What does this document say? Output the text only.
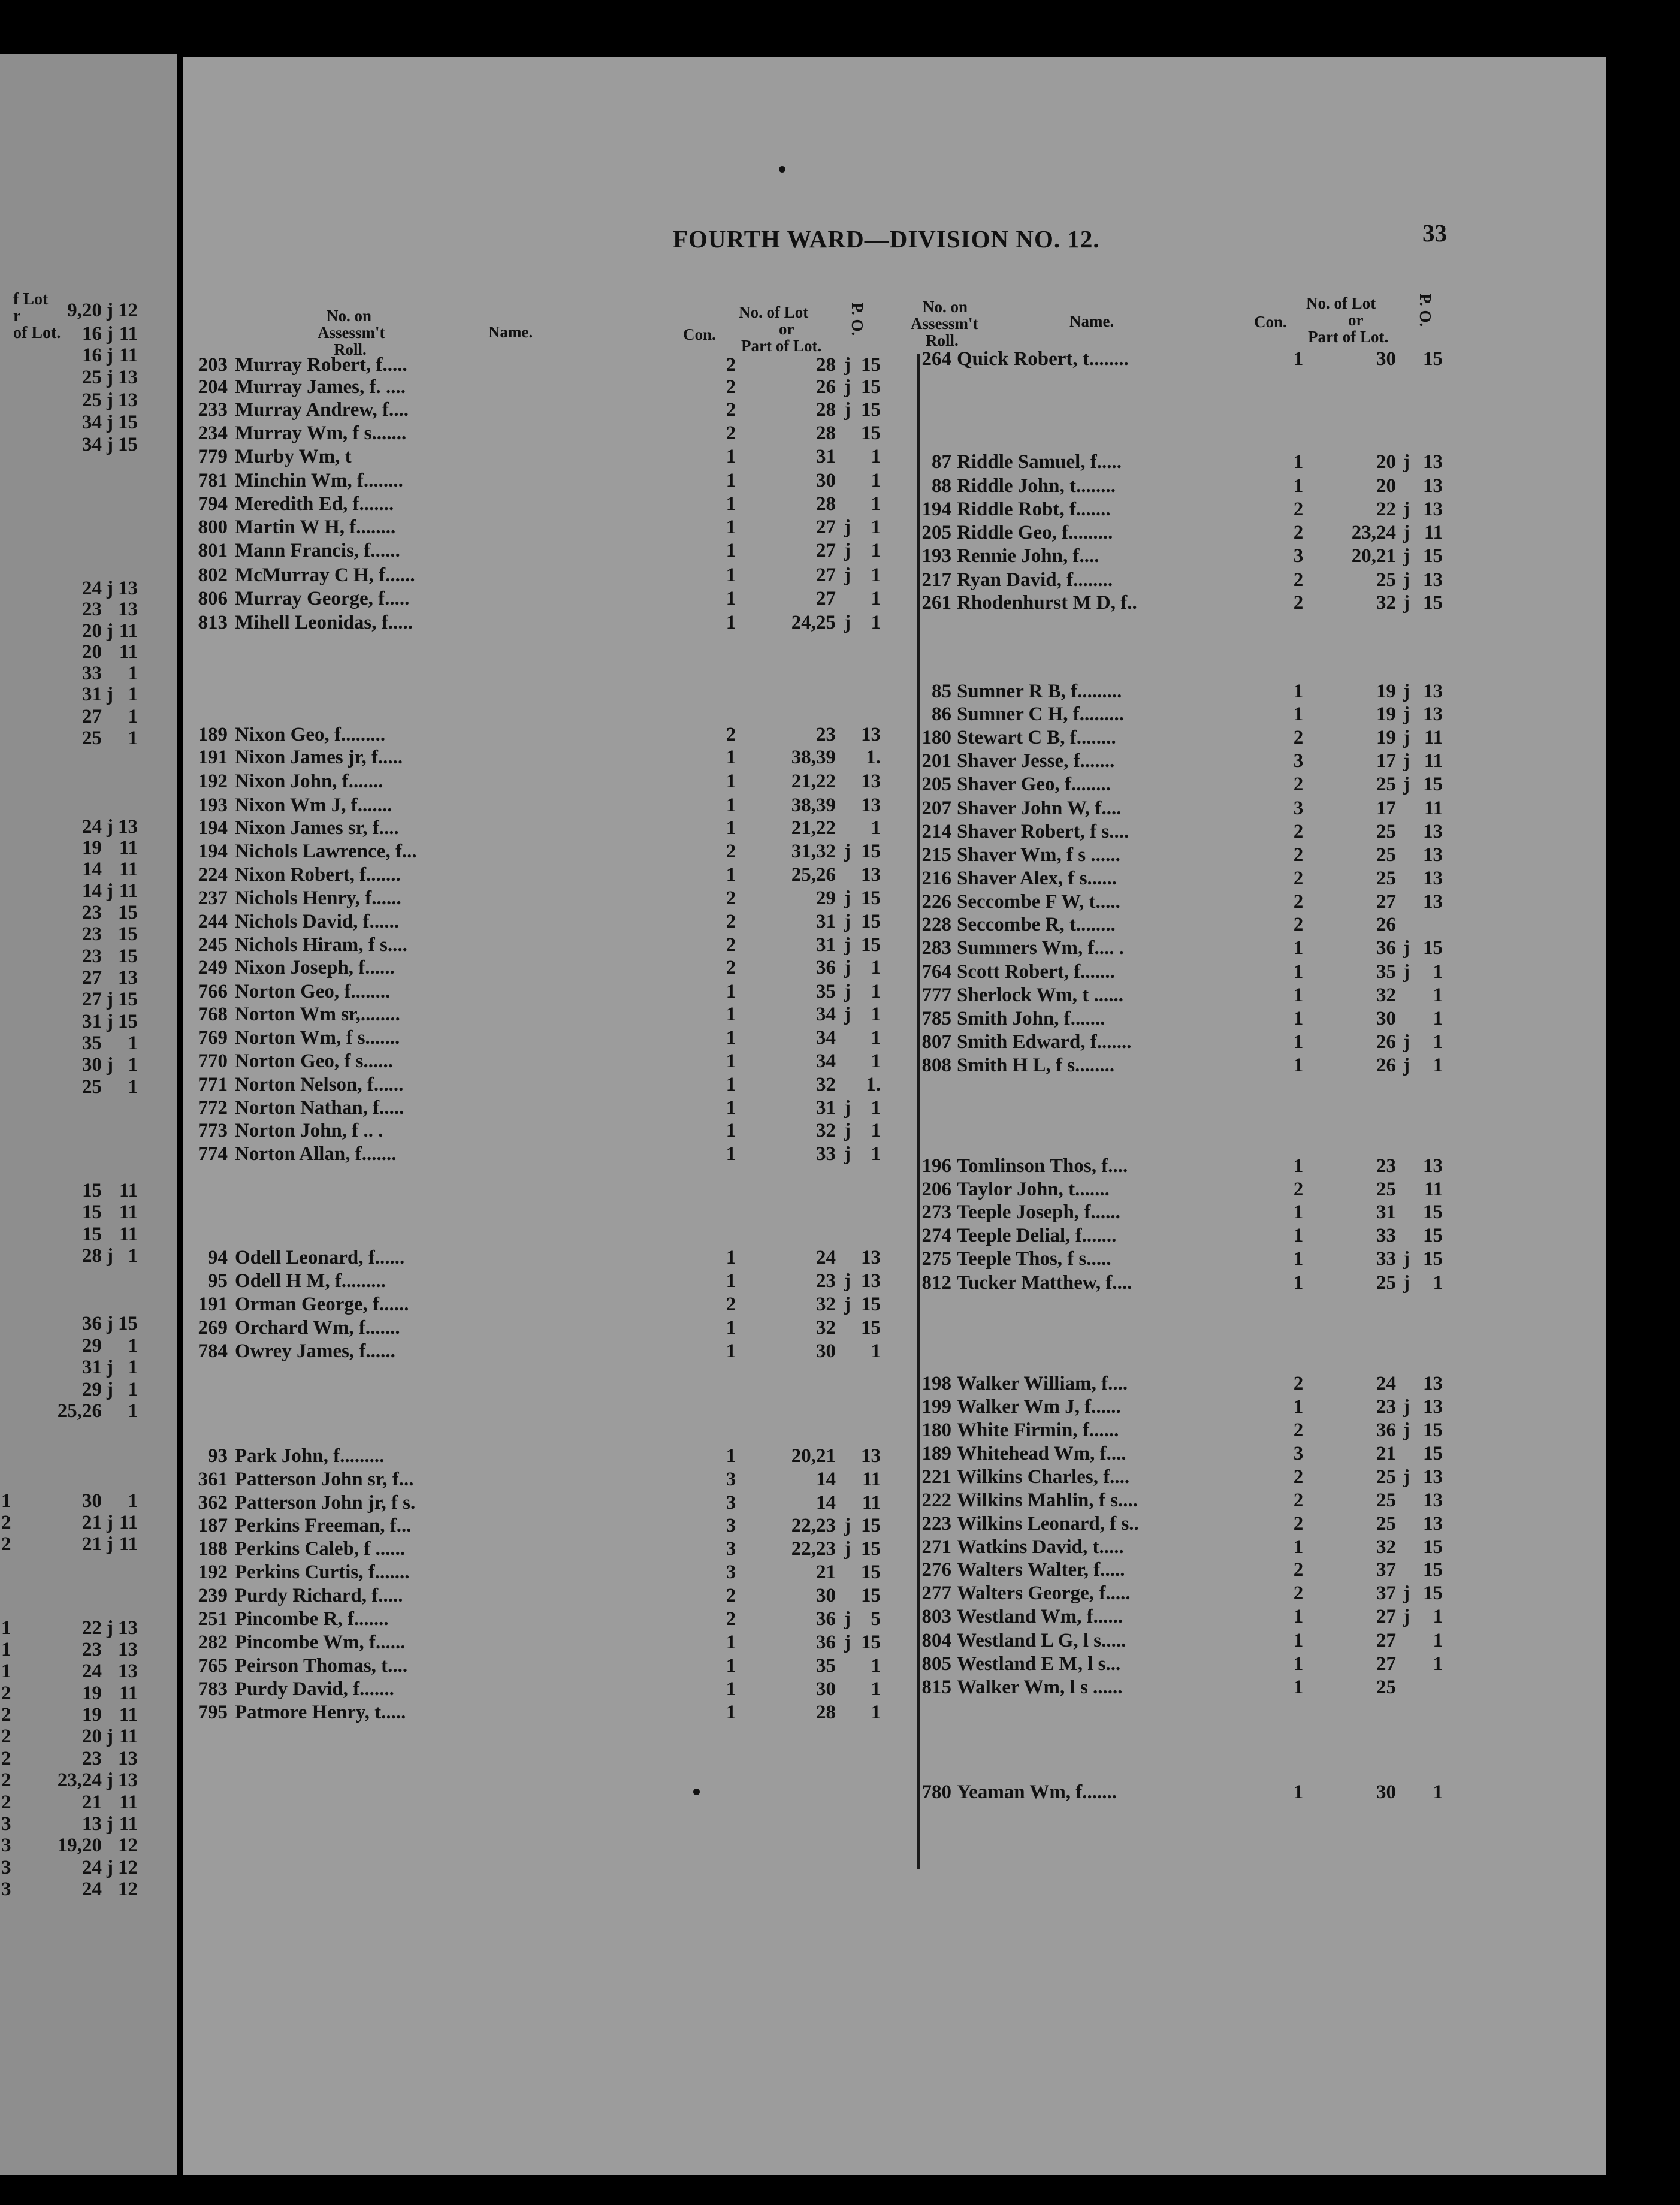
f Lot
r
of Lot.
9,20 j 12
16 j 11
16 j 11
25 j 13
25 j 13
34 j 15
34 j 15
24 j 13
23 13
20 j 11
20 11
33 1
31 j 1
27 1
25 1
24 j 13
19 11
14 11
14 j 11
23 15
23 15
23 15
27 13
27 j 15
31 j 15
35 1
30 j 1
25 1
15 11
15 11
15 11
28 j 1
36 j 15
29 1
31 j 1
29 j 1
25,26 1
1	30 1
2	21 j 11
2	21 j 11
1	22 j 13
1	23 13
1	24 13
2	19 11
2	19 11
2	20 j 11
2	23 13
2 23,24 j 13
2	21 11
3	13 j 11
3 19,20 12
3	24 j 12
3	24 12
FOURTH WARD—DIVISION NO. 12.	33
No. on
Assessm't
Roll.
Name.	Con.
No. of Lot
or
Part of Lot.
P. O.	No. on
Assessm't
Roll.
Name.	Con.
No. of Lot
or
Part of Lot.
P. O.
203 Murray Robert, f.....	2	28 j 15
204 Murray James, f. ....	2	26 j 15
233 Murray Andrew, f....	2	28 j 15
234 Murray Wm, f s.......	2	28 15
779 Murby Wm, t	1	31 1
781 Minchin Wm, f........	1	30 1
794 Meredith Ed, f.......	1	28 1
800 Martin W H, f........	1	27 j 1
801 Mann Francis, f......	1	27 j 1
802 McMurray C H, f......	1	27 j 1
806 Murray George, f.....	1	27 1
813 Mihell Leonidas, f.....	1	24,25 j 1
189 Nixon Geo, f.........	2	23 13
191 Nixon James jr, f.....	1	38,39 1.
192 Nixon John, f.......	1	21,22 13
193 Nixon Wm J, f.......	1	38,39 13
194 Nixon James sr, f....	1	21,22 1
194 Nichols Lawrence, f...	2	31,32 j 15
224 Nixon Robert, f.......	1	25,26 13
237 Nichols Henry, f......	2	29 j 15
244 Nichols David, f......	2	31 j 15
245 Nichols Hiram, f s....	2	31 j 15
249 Nixon Joseph, f......	2	36 j 1
766 Norton Geo, f........	1	35 j 1
768 Norton Wm sr,........	1	34 j 1
769 Norton Wm, f s.......	1	34 1
770 Norton Geo, f s......	1	34 1
771 Norton Nelson, f......	1	32 1.
772 Norton Nathan, f.....	1	31 j 1
773 Norton John, f .. .	1	32 j 1
774 Norton Allan, f.......	1	33 j 1
94 Odell Leonard, f......	1	24 13
95 Odell H M, f.........	1	23 j 13
191 Orman George, f......	2	32 j 15
269 Orchard Wm, f.......	1	32 15
784 Owrey James, f......	1	30 1
93 Park John, f.........	1	20,21 13
361 Patterson John sr, f...	3	14 11
362 Patterson John jr, f s.	3	14 11
187 Perkins Freeman, f...	3	22,23 j 15
188 Perkins Caleb, f ......	3	22,23 j 15
192 Perkins Curtis, f.......	3	21 15
239 Purdy Richard, f.....	2	30 15
251 Pincombe R, f.......	2	36 j 5
282 Pincombe Wm, f......	1	36 j 15
765 Peirson Thomas, t....	1	35 1
783 Purdy David, f.......	1	30 1
795 Patmore Henry, t.....	1	28 1
264 Quick Robert, t........	1	30 15
87 Riddle Samuel, f.....	1	20 j 13
88 Riddle John, t........	1	20 13
194 Riddle Robt, f.......	2	22 j 13
205 Riddle Geo, f.........	2	23,24 j 11
193 Rennie John, f....	3	20,21 j 15
217 Ryan David, f........	2	25 j 13
261 Rhodenhurst M D, f..	2	32 j 15
85 Sumner R B, f.........	1	19 j 13
86 Sumner C H, f.........	1	19 j 13
180 Stewart C B, f........	2	19 j 11
201 Shaver Jesse, f.......	3	17 j 11
205 Shaver Geo, f........	2	25 j 15
207 Shaver John W, f....	3	17 11
214 Shaver Robert, f s....	2	25 13
215 Shaver Wm, f s ......	2	25 13
216 Shaver Alex, f s......	2	25 13
226 Seccombe F W, t.....	2	27 13
228 Seccombe R, t........	2	26
283 Summers Wm, f.... .	1	36 j 15
764 Scott Robert, f.......	1	35 j 1
777 Sherlock Wm, t ......	1	32 1
785 Smith John, f.......	1	30 1
807 Smith Edward, f.......	1	26 j 1
808 Smith H L, f s........	1	26 j 1
196 Tomlinson Thos, f....	1	23 13
206 Taylor John, t.......	2	25 11
273 Teeple Joseph, f......	1	31 15
274 Teeple Delial, f.......	1	33 15
275 Teeple Thos, f s.....	1	33 j 15
812 Tucker Matthew, f....	1	25 j 1
198 Walker William, f....	2	24 13
199 Walker Wm J, f......	1	23 j 13
180 White Firmin, f......	2	36 j 15
189 Whitehead Wm, f....	3	21 15
221 Wilkins Charles, f....	2	25 j 13
222 Wilkins Mahlin, f s....	2	25 13
223 Wilkins Leonard, f s..	2	25 13
271 Watkins David, t.....	1	32 15
276 Walters Walter, f.....	2	37 15
277 Walters George, f.....	2	37 j 15
803 Westland Wm, f......	1	27 j 1
804 Westland L G, l s.....	1	27 1
805 Westland E M, l s...	1	27 1
815 Walker Wm, l s ......	1	25
780 Yeaman Wm, f.......	1	30 1
